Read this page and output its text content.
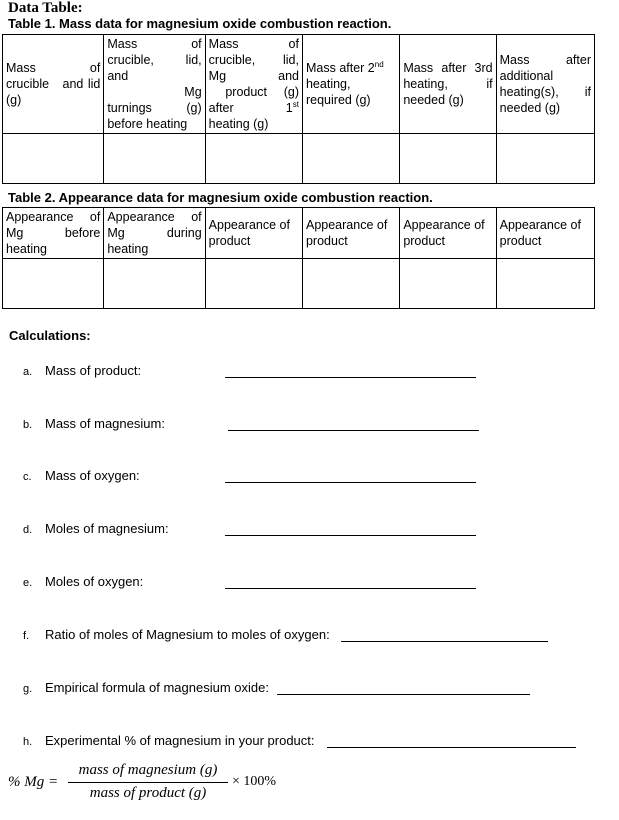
Data Table:
Table 1. Mass data for magnesium oxide combustion reaction.
Mass          of crucible   and lid (g)	Mass           of crucible,   lid, and                 Mg turnings    (g) before heating	Mass           of crucible,   lid, Mg  and  product (g) after         1st heating (g)	Mass after 2nd heating, required (g)	Mass after 3rd heating,      if needed (g)	Mass after additional heating(s), if needed (g)

Table 2. Appearance data for magnesium oxide combustion reaction.
Appearance of Mg before heating	Appearance of Mg during heating	Appearance of product	Appearance of product	Appearance of product	Appearance of product

Calculations:
a. Mass of product:
b. Mass of magnesium:
c. Mass of oxygen:
d. Moles of magnesium:
e. Moles of oxygen:
f. Ratio of moles of Magnesium to moles of oxygen:
g. Empirical formula of magnesium oxide:
h. Experimental % of magnesium in your product:
% Mg =
mass of magnesium (g)
mass of product (g)
× 100%
